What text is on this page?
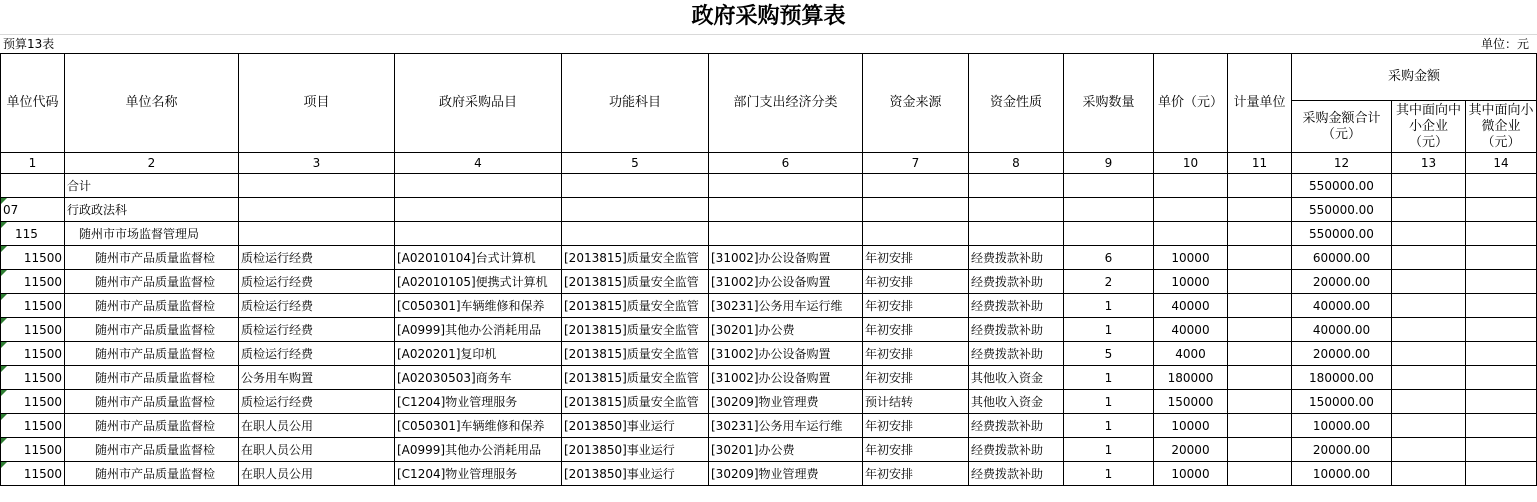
政府采购预算表
预算13表	单位：元
单位代码	单位名称	项目	政府采购品目	功能科目	部门支出经济分类	资金来源	资金性质	采购数量	单价（元）	计量单位	采购金额		
											采购金额合计（元）	其中面向中小企业（元）	其中面向小微企业（元）
1	2	3	4	5	6	7	8	9	10	11	12	13	14
	合计										550000.00		
07	行政政法科										550000.00		
115	随州市市场监督管理局										550000.00		
11500	随州市产品质量监督检	质检运行经费	[A02010104]台式计算机	[2013815]质量安全监管	[31002]办公设备购置	年初安排	经费拨款补助	6	10000		60000.00		
11500	随州市产品质量监督检	质检运行经费	[A02010105]便携式计算机	[2013815]质量安全监管	[31002]办公设备购置	年初安排	经费拨款补助	2	10000		20000.00		
11500	随州市产品质量监督检	质检运行经费	[C050301]车辆维修和保养	[2013815]质量安全监管	[30231]公务用车运行维	年初安排	经费拨款补助	1	40000		40000.00		
11500	随州市产品质量监督检	质检运行经费	[A0999]其他办公消耗用品	[2013815]质量安全监管	[30201]办公费	年初安排	经费拨款补助	1	40000		40000.00		
11500	随州市产品质量监督检	质检运行经费	[A020201]复印机	[2013815]质量安全监管	[31002]办公设备购置	年初安排	经费拨款补助	5	4000		20000.00		
11500	随州市产品质量监督检	公务用车购置	[A02030503]商务车	[2013815]质量安全监管	[31002]办公设备购置	年初安排	其他收入资金	1	180000		180000.00		
11500	随州市产品质量监督检	质检运行经费	[C1204]物业管理服务	[2013815]质量安全监管	[30209]物业管理费	预计结转	其他收入资金	1	150000		150000.00		
11500	随州市产品质量监督检	在职人员公用	[C050301]车辆维修和保养	[2013850]事业运行	[30231]公务用车运行维	年初安排	经费拨款补助	1	10000		10000.00		
11500	随州市产品质量监督检	在职人员公用	[A0999]其他办公消耗用品	[2013850]事业运行	[30201]办公费	年初安排	经费拨款补助	1	20000		20000.00		
11500	随州市产品质量监督检	在职人员公用	[C1204]物业管理服务	[2013850]事业运行	[30209]物业管理费	年初安排	经费拨款补助	1	10000		10000.00		
